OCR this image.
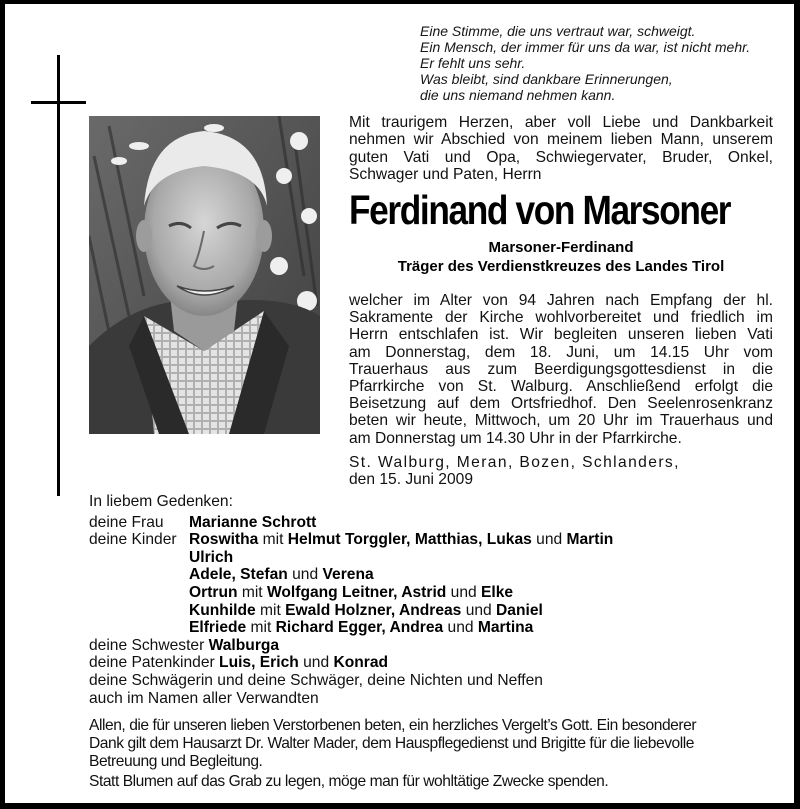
Eine Stimme, die uns vertraut war, schweigt.
Ein Mensch, der immer für uns da war, ist nicht mehr.
Er fehlt uns sehr.
Was bleibt, sind dankbare Erinnerungen,
die uns niemand nehmen kann.
Mit traurigem Herzen, aber voll Liebe und Dankbarkeit
nehmen wir Abschied von meinem lieben Mann, unserem
guten Vati und Opa, Schwiegervater, Bruder, Onkel,
Schwager und Paten, Herrn
Ferdinand von Marsoner
Marsoner-Ferdinand
Träger des Verdienstkreuzes des Landes Tirol
welcher im Alter von 94 Jahren nach Empfang der hl.
Sakramente der Kirche wohlvorbereitet und friedlich im
Herrn entschlafen ist. Wir begleiten unseren lieben Vati
am Donnerstag, dem 18. Juni, um 14.15 Uhr vom
Trauerhaus aus zum Beerdigungsgottesdienst in die
Pfarrkirche von St. Walburg. Anschließend erfolgt die
Beisetzung auf dem Ortsfriedhof. Den Seelenrosenkranz
beten wir heute, Mittwoch, um 20 Uhr im Trauerhaus und
am Donnerstag um 14.30 Uhr in der Pfarrkirche.
St. Walburg, Meran, Bozen, Schlanders,
den 15. Juni 2009
In liebem Gedenken:
deine Frau	Marianne Schrott
deine Kinder Roswitha mit Helmut Torggler, Matthias, Lukas und Martin
Ulrich
Adele, Stefan und Verena
Ortrun mit Wolfgang Leitner, Astrid und Elke
Kunhilde mit Ewald Holzner, Andreas und Daniel
Elfriede mit Richard Egger, Andrea und Martina
deine Schwester Walburga
deine Patenkinder Luis, Erich und Konrad
deine Schwägerin und deine Schwäger, deine Nichten und Neffen
auch im Namen aller Verwandten
Allen, die für unseren lieben Verstorbenen beten, ein herzliches Vergelt’s Gott. Ein besonderer
Dank gilt dem Hausarzt Dr. Walter Mader, dem Hauspflegedienst und Brigitte für die liebevolle
Betreuung und Begleitung.
Statt Blumen auf das Grab zu legen, möge man für wohltätige Zwecke spenden.
